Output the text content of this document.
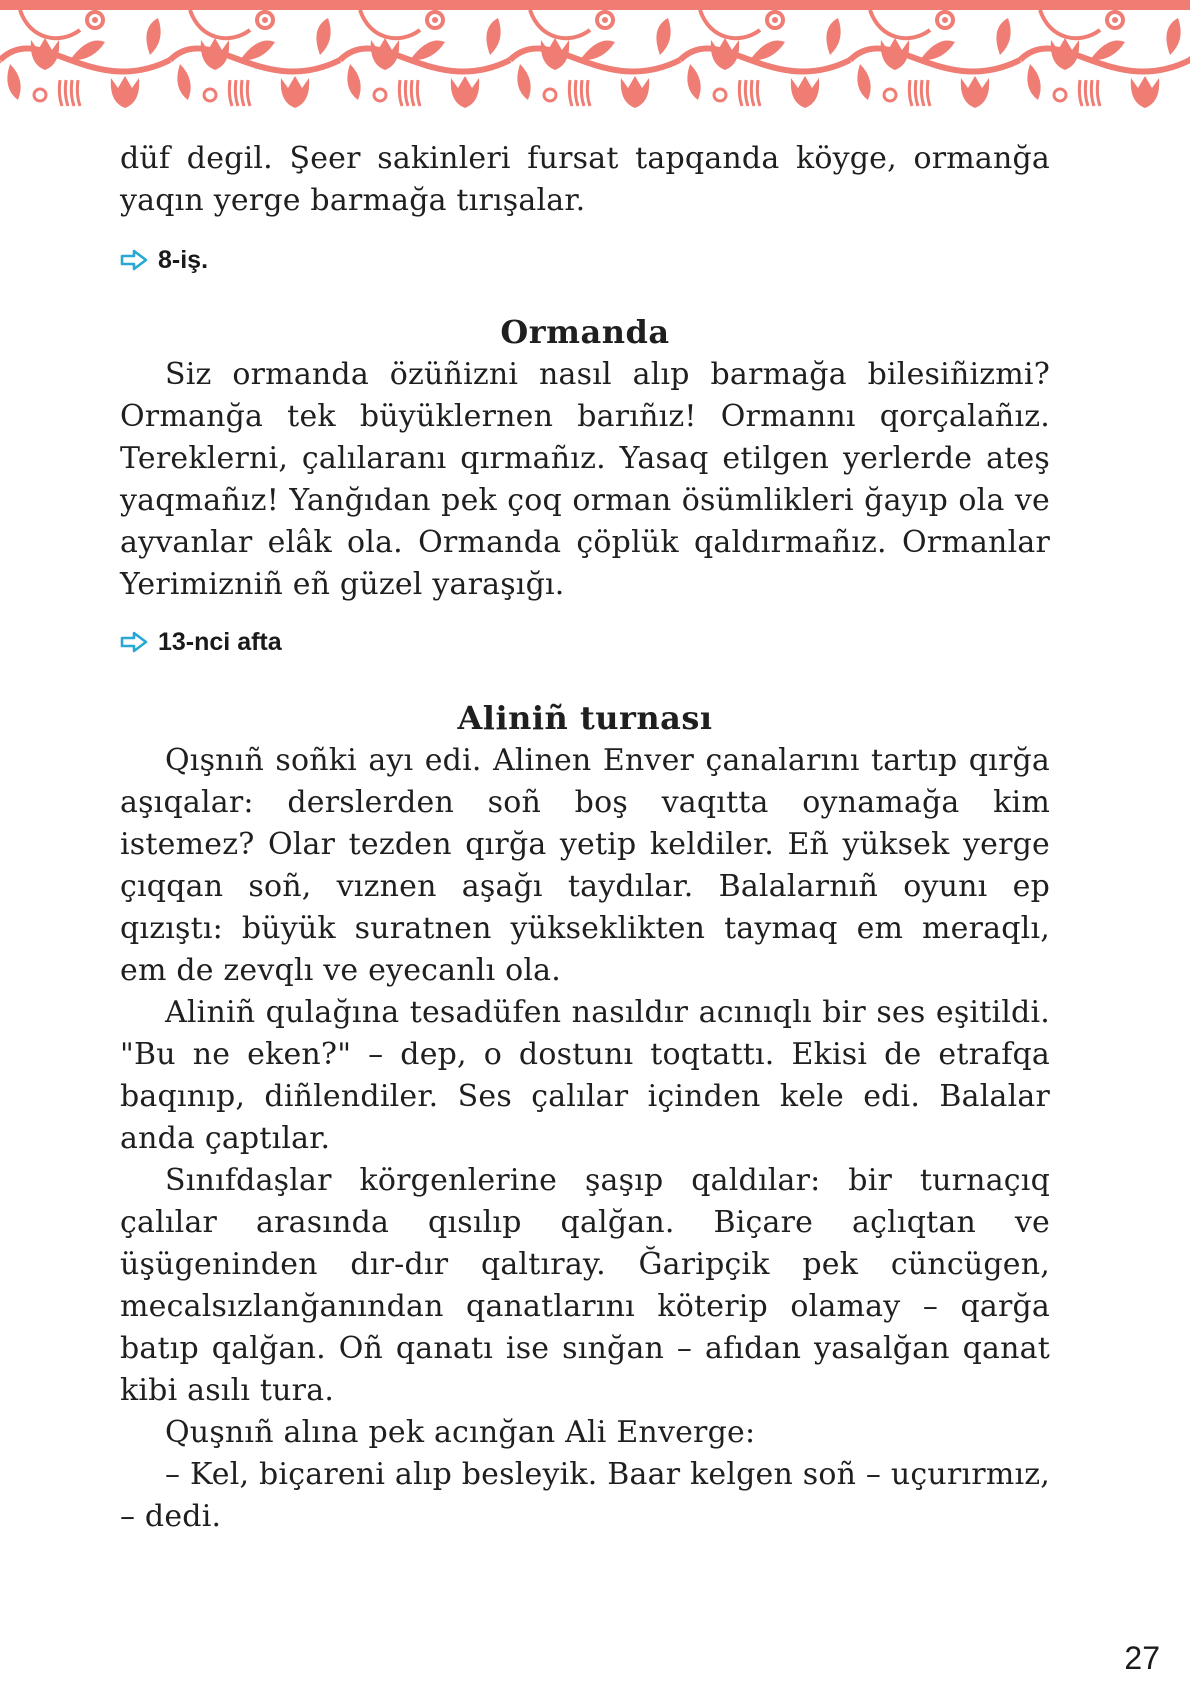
düf degil. Şeer sakinleri fursat tapqanda köyge, ormanğa yaqın yerge barmağa tırışalar.

8-iş.
Ormanda

Siz ormanda özüñizni nasıl alıp barmağa bilesiñizmi? Ormanğa tek büyüklernen barıñız! Ormannı qorçalañız. Tereklerni, çalılaranı qırmañız. Yasaq etilgen yerlerde ateş yaqmañız! Yanğıdan pek çoq orman ösümlikleri ğayıp ola ve ayvanlar elâk ola. Ormanda çöplük qaldırmañız. Ormanlar Yerimizniñ eñ güzel yaraşığı.

13-nci afta
Aliniñ turnası

Qışnıñ soñki ayı edi. Alinen Enver çanalarını tartıp qırğa aşıqalar: derslerden soñ boş vaqıtta oynamağa kim istemez? Olar tezden qırğa yetip keldiler. Eñ yüksek yerge çıqqan soñ, vıznen aşağı taydılar. Balalarnıñ oyunı ep qızıştı: büyük suratnen yükseklikten taymaq em meraqlı, em de zevqlı ve eyecanlı ola.

Aliniñ qulağına tesadüfen nasıldır acınıqlı bir ses eşitildi. "Bu ne eken?" – dep, o dostunı toqtattı. Ekisi de etrafqa baqınıp, diñlendiler. Ses çalılar içinden kele edi. Balalar anda çaptılar.

Sınıfdaşlar körgenlerine şaşıp qaldılar: bir turnaçıq çalılar arasında qısılıp qalğan. Biçare açlıqtan ve üşügeninden dır-dır qaltıray. Ğaripçik pek cüncügen, mecalsızlanğanından qanatlarını köterip olamay – qarğa batıp qalğan. Oñ qanatı ise sınğan – afıdan yasalğan qanat kibi asılı tura.

Quşnıñ alına pek acınğan Ali Enverge:

– Kel, biçareni alıp besleyik. Baar kelgen soñ – uçurırmız, – dedi.

27
